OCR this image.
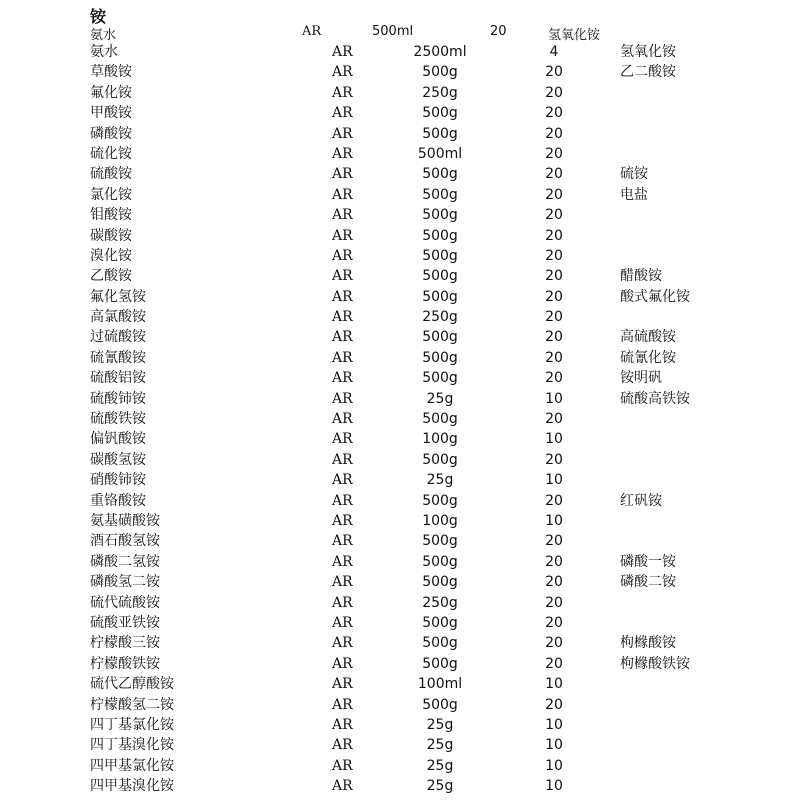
铵
氨水	AR	500ml	20	氢氧化铵
氨水	AR	2500ml	4	氢氧化铵
草酸铵	AR	500g	20	乙二酸铵
氟化铵	AR	250g	20
甲酸铵	AR	500g	20
磷酸铵	AR	500g	20
硫化铵	AR	500ml	20
硫酸铵	AR	500g	20	硫铵
氯化铵	AR	500g	20	电盐
钼酸铵	AR	500g	20
碳酸铵	AR	500g	20
溴化铵	AR	500g	20
乙酸铵	AR	500g	20	醋酸铵
氟化氢铵	AR	500g	20	酸式氟化铵
高氯酸铵	AR	250g	20
过硫酸铵	AR	500g	20	高硫酸铵
硫氰酸铵	AR	500g	20	硫氰化铵
硫酸铝铵	AR	500g	20	铵明矾
硫酸铈铵	AR	25g	10	硫酸高铁铵
硫酸铁铵	AR	500g	20
偏钒酸铵	AR	100g	10
碳酸氢铵	AR	500g	20
硝酸铈铵	AR	25g	10
重铬酸铵	AR	500g	20	红矾铵
氨基磺酸铵	AR	100g	10
酒石酸氢铵	AR	500g	20
磷酸二氢铵	AR	500g	20	磷酸一铵
磷酸氢二铵	AR	500g	20	磷酸二铵
硫代硫酸铵	AR	250g	20
硫酸亚铁铵	AR	500g	20
柠檬酸三铵	AR	500g	20	枸橼酸铵
柠檬酸铁铵	AR	500g	20	枸橼酸铁铵
硫代乙醇酸铵	AR	100ml	10
柠檬酸氢二铵	AR	500g	20
四丁基氯化铵	AR	25g	10
四丁基溴化铵	AR	25g	10
四甲基氯化铵	AR	25g	10
四甲基溴化铵	AR	25g	10
